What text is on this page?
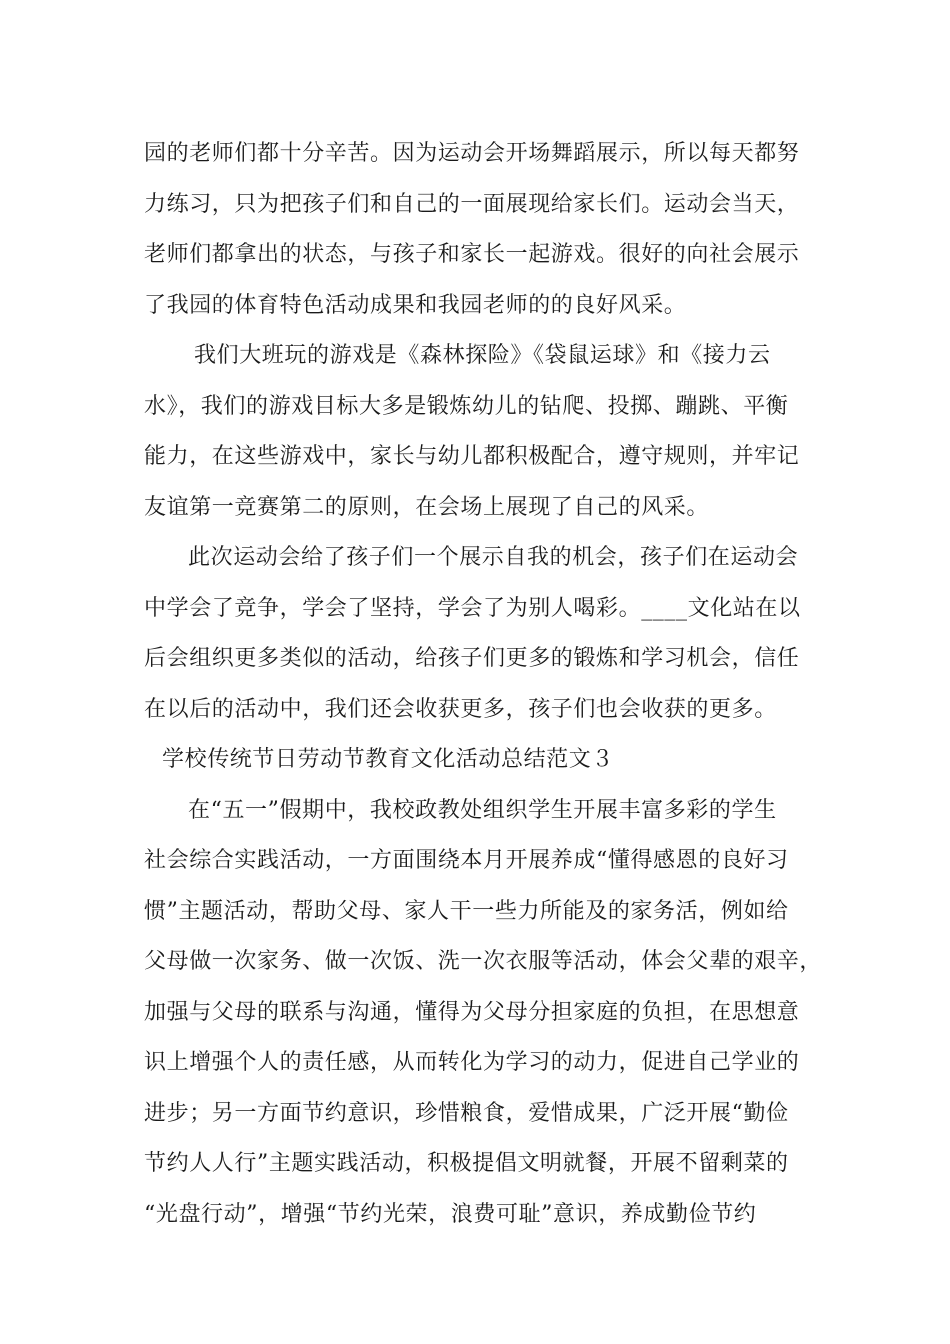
园的老师们都十分辛苦。因为运动会开场舞蹈展示，所以每天都努
力练习，只为把孩子们和自己的一面展现给家长们。运动会当天，
老师们都拿出的状态，与孩子和家长一起游戏。很好的向社会展示
了我园的体育特色活动成果和我园老师的的良好风采。
我们大班玩的游戏是《森林探险》《袋鼠运球》和《接力云
水》，我们的游戏目标大多是锻炼幼儿的钻爬、投掷、蹦跳、平衡
能力，在这些游戏中，家长与幼儿都积极配合，遵守规则，并牢记
友谊第一竞赛第二的原则，在会场上展现了自己的风采。
此次运动会给了孩子们一个展示自我的机会，孩子们在运动会
中学会了竞争，学会了坚持，学会了为别人喝彩。____文化站在以
后会组织更多类似的活动，给孩子们更多的锻炼和学习机会，信任
在以后的活动中，我们还会收获更多，孩子们也会收获的更多。
学校传统节日劳动节教育文化活动总结范文３
在“五一”假期中，我校政教处组织学生开展丰富多彩的学生
社会综合实践活动，一方面围绕本月开展养成“懂得感恩的良好习
惯”主题活动，帮助父母、家人干一些力所能及的家务活，例如给
父母做一次家务、做一次饭、洗一次衣服等活动，体会父辈的艰辛，
加强与父母的联系与沟通，懂得为父母分担家庭的负担，在思想意
识上增强个人的责任感，从而转化为学习的动力，促进自己学业的
进步；另一方面节约意识，珍惜粮食，爱惜成果，广泛开展“勤俭
节约人人行”主题实践活动，积极提倡文明就餐，开展不留剩菜的
“光盘行动”，增强“节约光荣，浪费可耻”意识，养成勤俭节约
